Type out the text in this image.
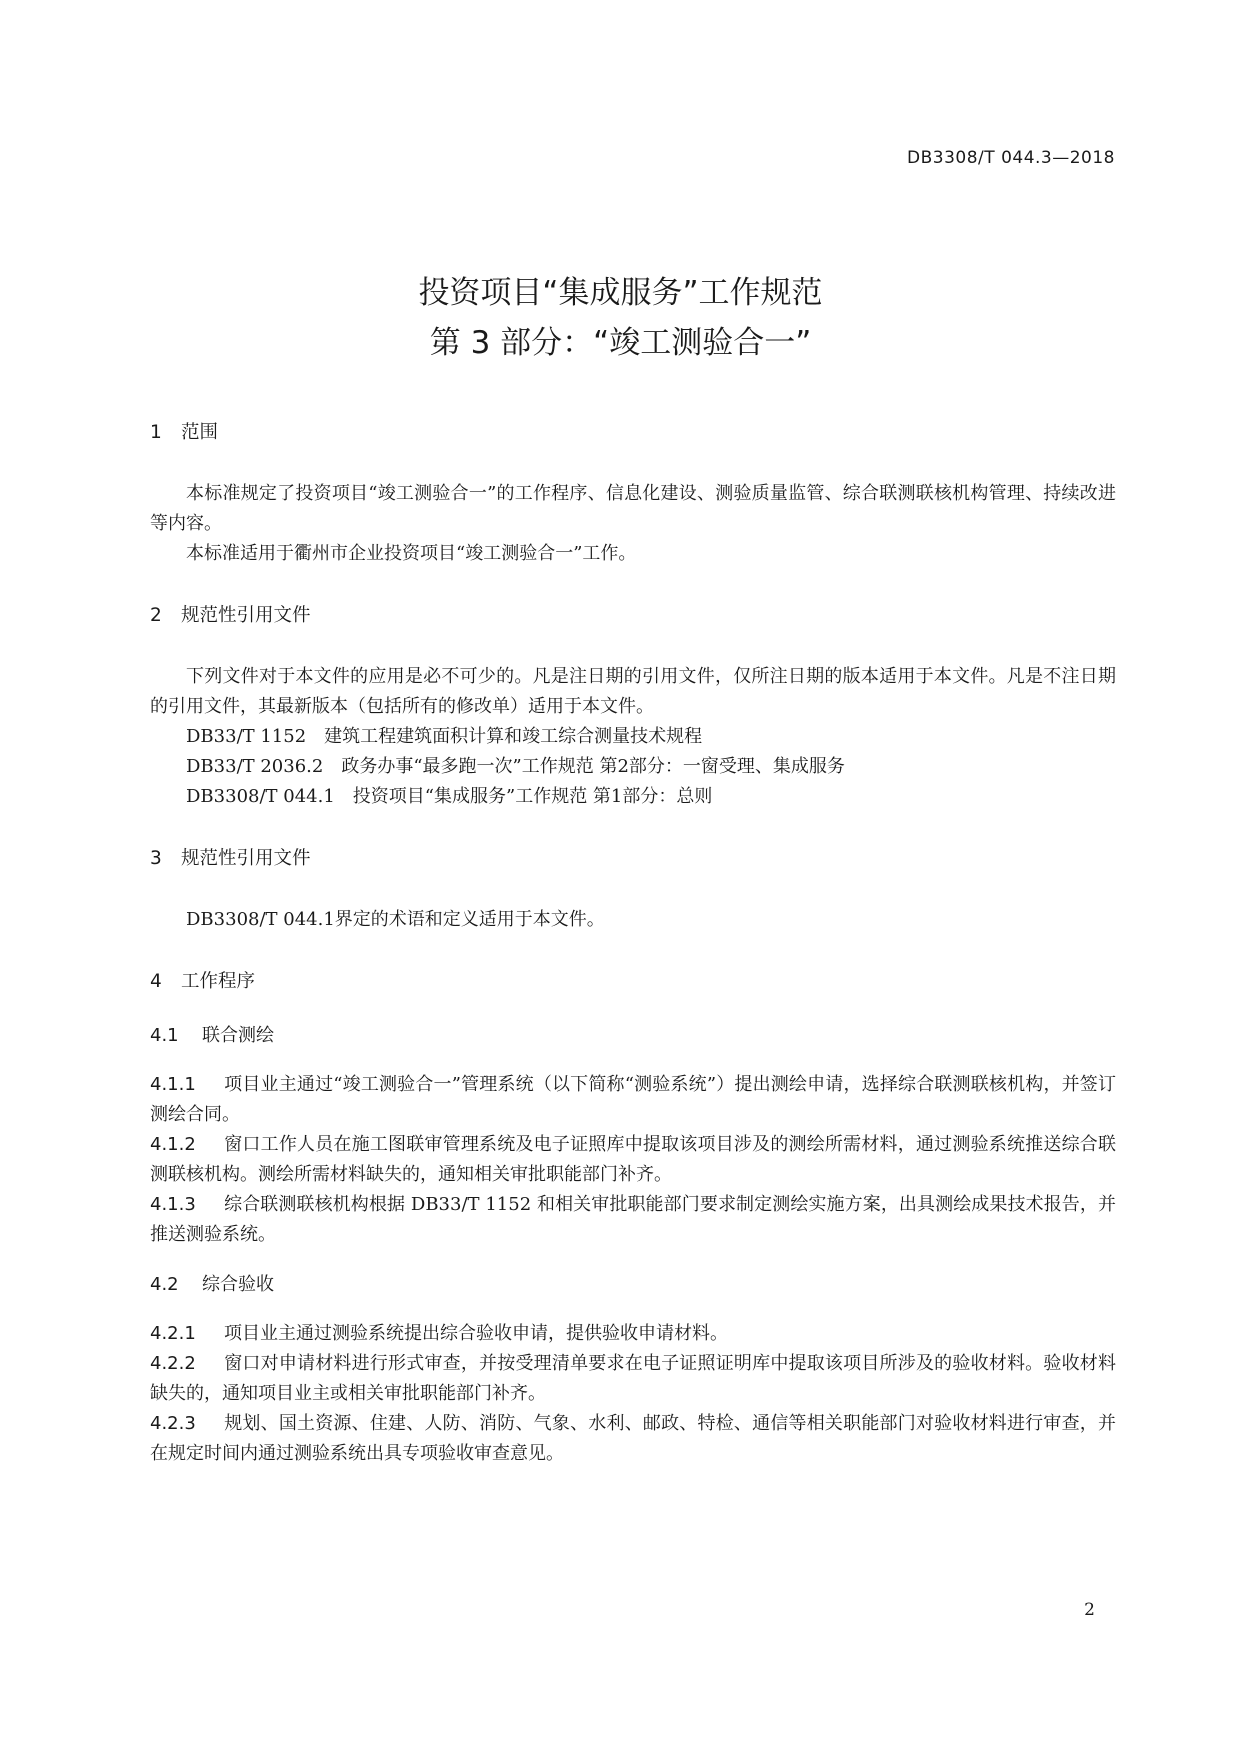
DB3308/T 044.3—2018
投资项目“集成服务”工作规范
第 3 部分：“竣工测验合一”
1 范围

本标准规定了投资项目“竣工测验合一”的工作程序、信息化建设、测验质量监管、综合联测联核机构管理、持续改进等内容。

本标准适用于衢州市企业投资项目“竣工测验合一”工作。

2 规范性引用文件

下列文件对于本文件的应用是必不可少的。凡是注日期的引用文件，仅所注日期的版本适用于本文件。凡是不注日期的引用文件，其最新版本（包括所有的修改单）适用于本文件。

DB33/T 1152　建筑工程建筑面积计算和竣工综合测量技术规程

DB33/T 2036.2　政务办事“最多跑一次”工作规范 第2部分：一窗受理、集成服务

DB3308/T 044.1　投资项目“集成服务”工作规范 第1部分：总则

3 规范性引用文件

DB3308/T 044.1界定的术语和定义适用于本文件。

4 工作程序
4.1 联合测绘

4.1.1 项目业主通过“竣工测验合一”管理系统（以下简称“测验系统”）提出测绘申请，选择综合联测联核机构，并签订测绘合同。

4.1.2 窗口工作人员在施工图联审管理系统及电子证照库中提取该项目涉及的测绘所需材料，通过测验系统推送综合联测联核机构。测绘所需材料缺失的，通知相关审批职能部门补齐。

4.1.3 综合联测联核机构根据 DB33/T 1152 和相关审批职能部门要求制定测绘实施方案，出具测绘成果技术报告，并推送测验系统。

4.2 综合验收

4.2.1 项目业主通过测验系统提出综合验收申请，提供验收申请材料。

4.2.2 窗口对申请材料进行形式审查，并按受理清单要求在电子证照证明库中提取该项目所涉及的验收材料。验收材料缺失的，通知项目业主或相关审批职能部门补齐。

4.2.3 规划、国土资源、住建、人防、消防、气象、水利、邮政、特检、通信等相关职能部门对验收材料进行审查，并在规定时间内通过测验系统出具专项验收审查意见。

2
